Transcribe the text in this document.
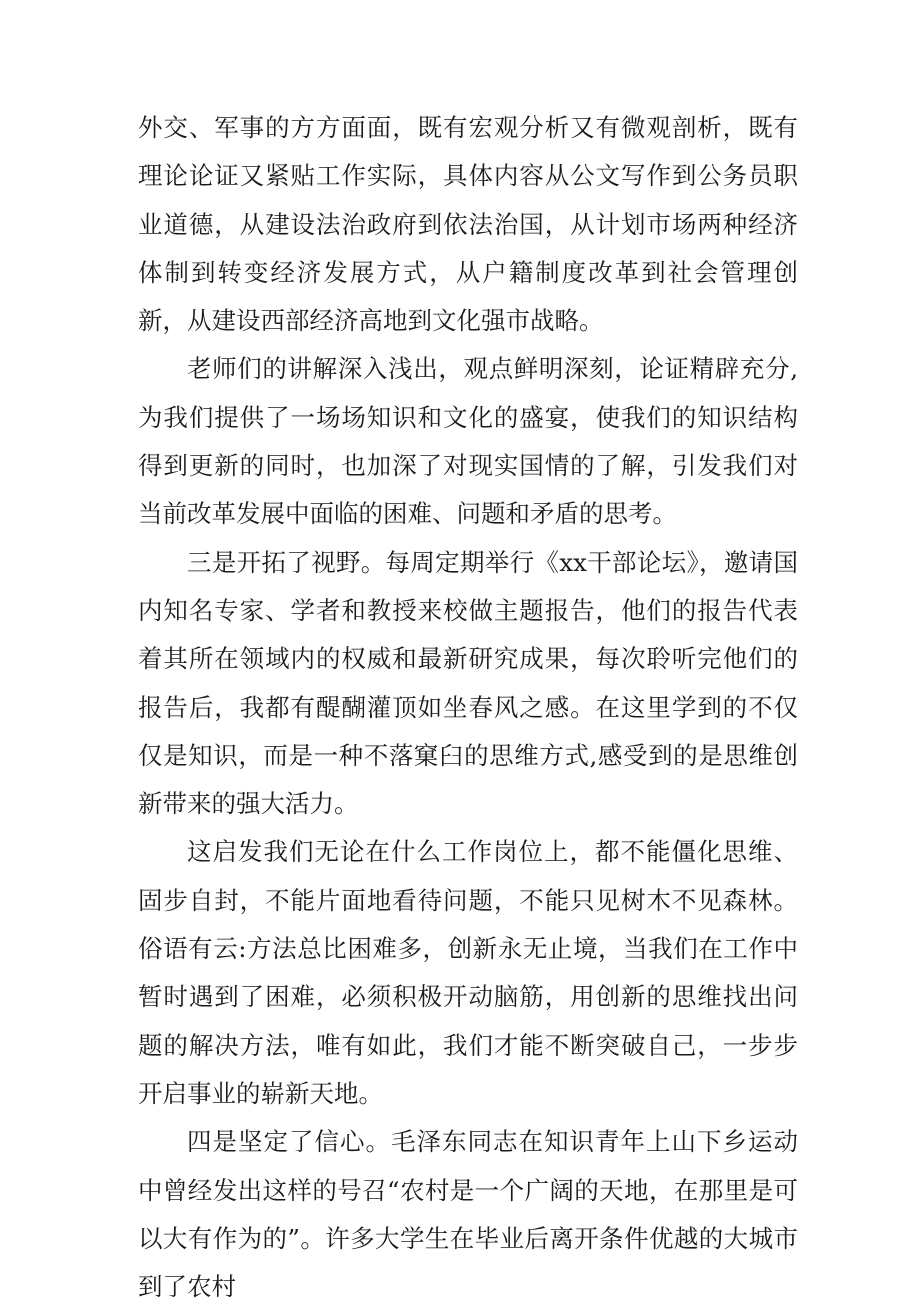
外交、军事的方方面面，既有宏观分析又有微观剖析，既有理论论证又紧贴工作实际，具体内容从公文写作到公务员职业道德，从建设法治政府到依法治国，从计划市场两种经济体制到转变经济发展方式，从户籍制度改革到社会管理创新，从建设西部经济高地到文化强市战略。

老师们的讲解深入浅出，观点鲜明深刻，论证精辟充分,为我们提供了一场场知识和文化的盛宴，使我们的知识结构得到更新的同时，也加深了对现实国情的了解，引发我们对当前改革发展中面临的困难、问题和矛盾的思考。

三是开拓了视野。每周定期举行《xx干部论坛》，邀请国内知名专家、学者和教授来校做主题报告，他们的报告代表着其所在领域内的权威和最新研究成果，每次聆听完他们的报告后，我都有醍醐灌顶如坐春风之感。在这里学到的不仅仅是知识，而是一种不落窠臼的思维方式,感受到的是思维创新带来的强大活力。

这启发我们无论在什么工作岗位上，都不能僵化思维、固步自封，不能片面地看待问题，不能只见树木不见森林。俗语有云:方法总比困难多，创新永无止境，当我们在工作中暂时遇到了困难，必须积极开动脑筋，用创新的思维找出问题的解决方法，唯有如此，我们才能不断突破自己，一步步开启事业的崭新天地。

四是坚定了信心。毛泽东同志在知识青年上山下乡运动中曾经发出这样的号召“农村是一个广阔的天地，在那里是可以大有作为的”。许多大学生在毕业后离开条件优越的大城市到了农村
